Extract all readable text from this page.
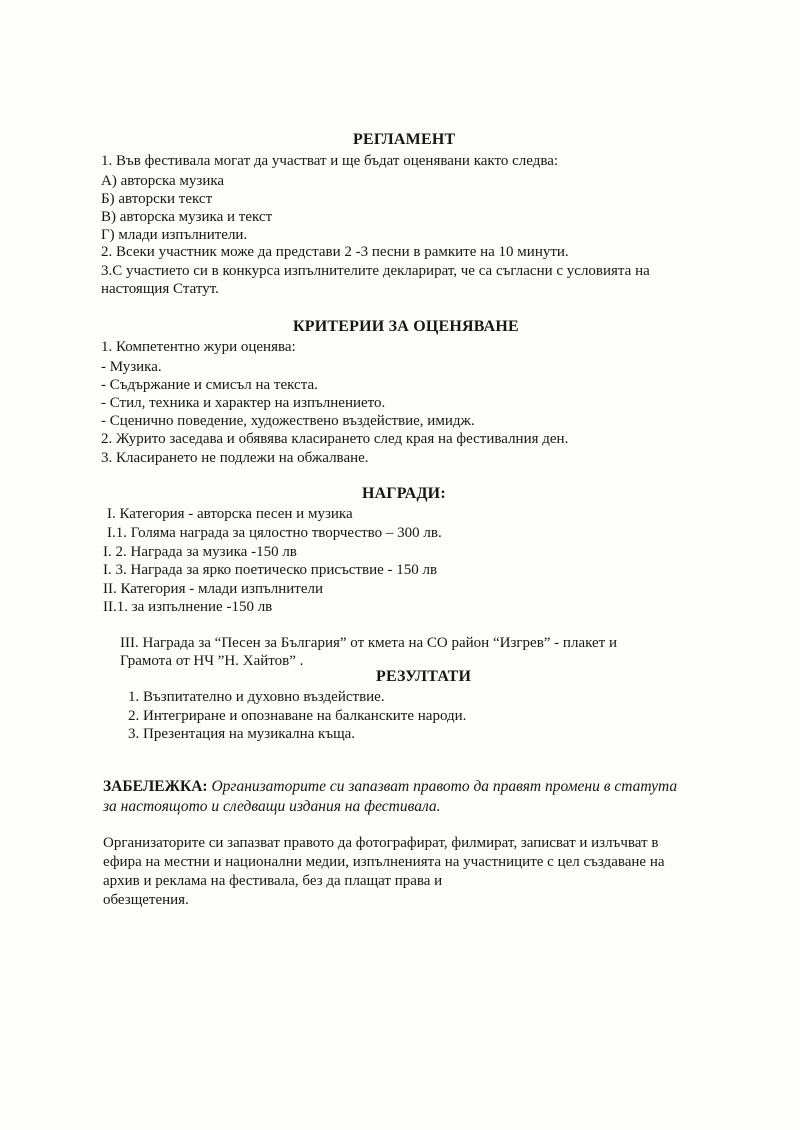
РЕГЛАМЕНТ
1. Във фестивала могат да участват и ще бъдат оценявани както следва:
А) авторска музика
Б) авторски текст
В) авторска музика и текст
Г) млади изпълнители.
2. Всеки участник може да представи 2 -3 песни в рамките на 10 минути.
3.С участието си в конкурса изпълнителите декларират, че са съгласни с условията на
настоящия Статут.
КРИТЕРИИ ЗА ОЦЕНЯВАНЕ
1. Компетентно жури оценява:
- Музика.
- Съдържание и смисъл на текста.
- Стил, техника и характер на изпълнението.
- Сценично поведение, художествено въздействие, имидж.
2. Журито заседава и обявява класирането след края на фестивалния ден.
3. Класирането не подлежи на обжалване.
НАГРАДИ:
I. Категория - авторска песен и музика
I.1. Голяма награда за цялостно творчество – 300 лв.
I. 2. Награда за музика -150 лв
I. 3. Награда за ярко поетическо присъствие - 150 лв
II. Категория - млади изпълнители
II.1. за изпълнение -150 лв
III. Награда за “Песен за България” от кмета на СО район “Изгрев” - плакет и
Грамота от НЧ ”Н. Хайтов” .
РЕЗУЛТАТИ
1. Възпитателно и духовно въздействие.
2. Интегриране и опознаване на балканските народи.
3. Презентация на музикална къща.
ЗАБЕЛЕЖКА: Организаторите си запазват правото да правят промени в статута
за настоящото и следващи издания на фестивала.
Организаторите си запазват правото да фотографират, филмират, записват и излъчват в
ефира на местни и национални медии, изпълненията на участниците с цел създаване на
архив и реклама на фестивала, без да плащат права и
обезщетения.
